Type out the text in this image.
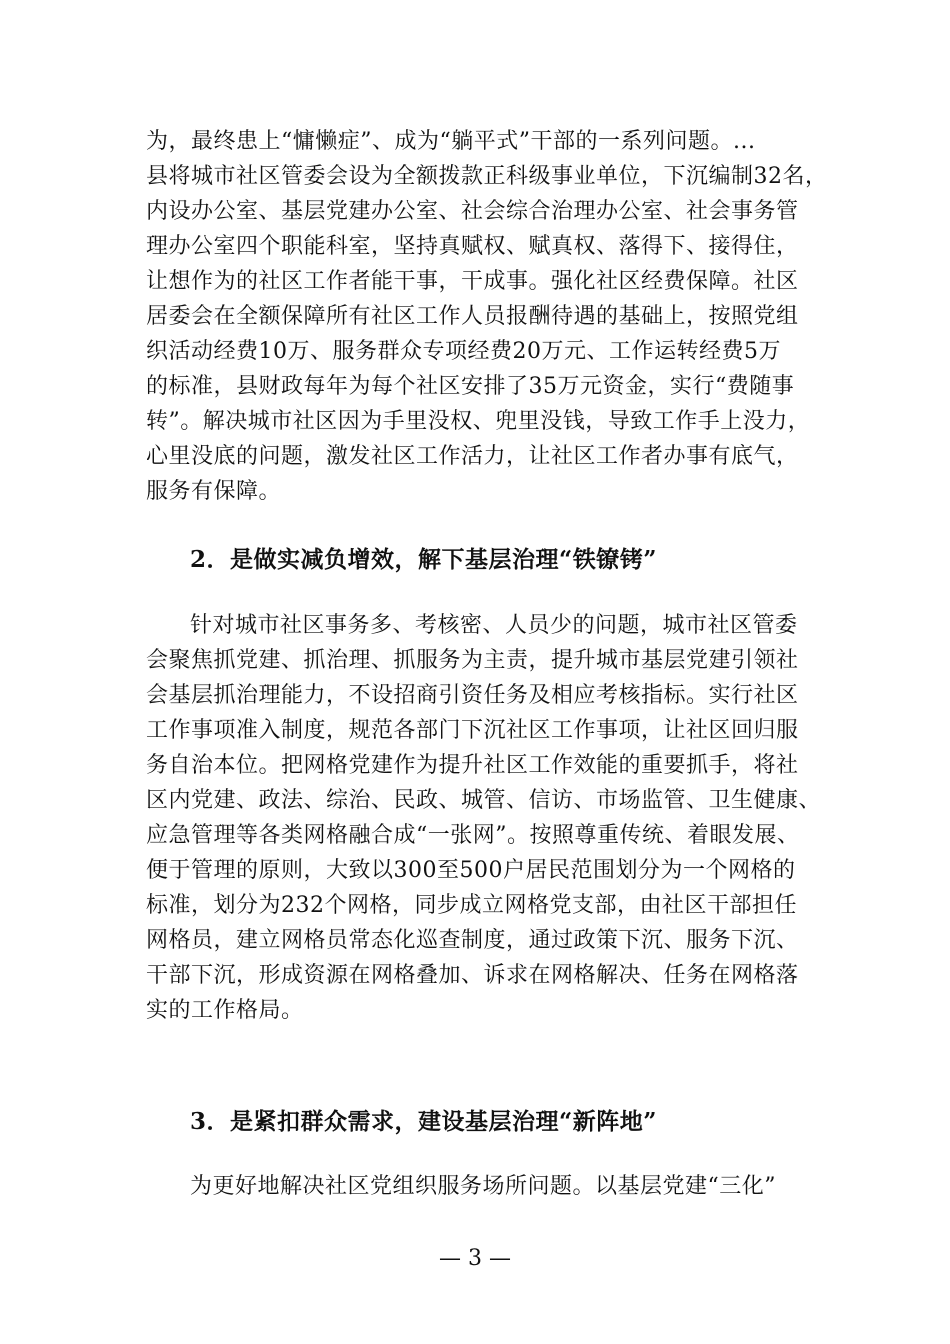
为，最终患上“慵懒症”、成为“躺平式”干部的一系列问题。...
县将城市社区管委会设为全额拨款正科级事业单位，下沉编制32名，
内设办公室、基层党建办公室、社会综合治理办公室、社会事务管
理办公室四个职能科室，坚持真赋权、赋真权、落得下、接得住，
让想作为的社区工作者能干事，干成事。强化社区经费保障。社区
居委会在全额保障所有社区工作人员报酬待遇的基础上，按照党组
织活动经费10万、服务群众专项经费20万元、工作运转经费5万
的标准，县财政每年为每个社区安排了35万元资金，实行“费随事
转”。解决城市社区因为手里没权、兜里没钱，导致工作手上没力，
心里没底的问题，激发社区工作活力，让社区工作者办事有底气，
服务有保障。
2．是做实减负增效，解下基层治理“铁镣铐”
针对城市社区事务多、考核密、人员少的问题，城市社区管委
会聚焦抓党建、抓治理、抓服务为主责，提升城市基层党建引领社
会基层抓治理能力，不设招商引资任务及相应考核指标。实行社区
工作事项准入制度，规范各部门下沉社区工作事项，让社区回归服
务自治本位。把网格党建作为提升社区工作效能的重要抓手，将社
区内党建、政法、综治、民政、城管、信访、市场监管、卫生健康、
应急管理等各类网格融合成“一张网”。按照尊重传统、着眼发展、
便于管理的原则，大致以300至500户居民范围划分为一个网格的
标准，划分为232个网格，同步成立网格党支部，由社区干部担任
网格员，建立网格员常态化巡查制度，通过政策下沉、服务下沉、
干部下沉，形成资源在网格叠加、诉求在网格解决、任务在网格落
实的工作格局。
3．是紧扣群众需求，建设基层治理“新阵地”
为更好地解决社区党组织服务场所问题。以基层党建“三化”
— 3 —
